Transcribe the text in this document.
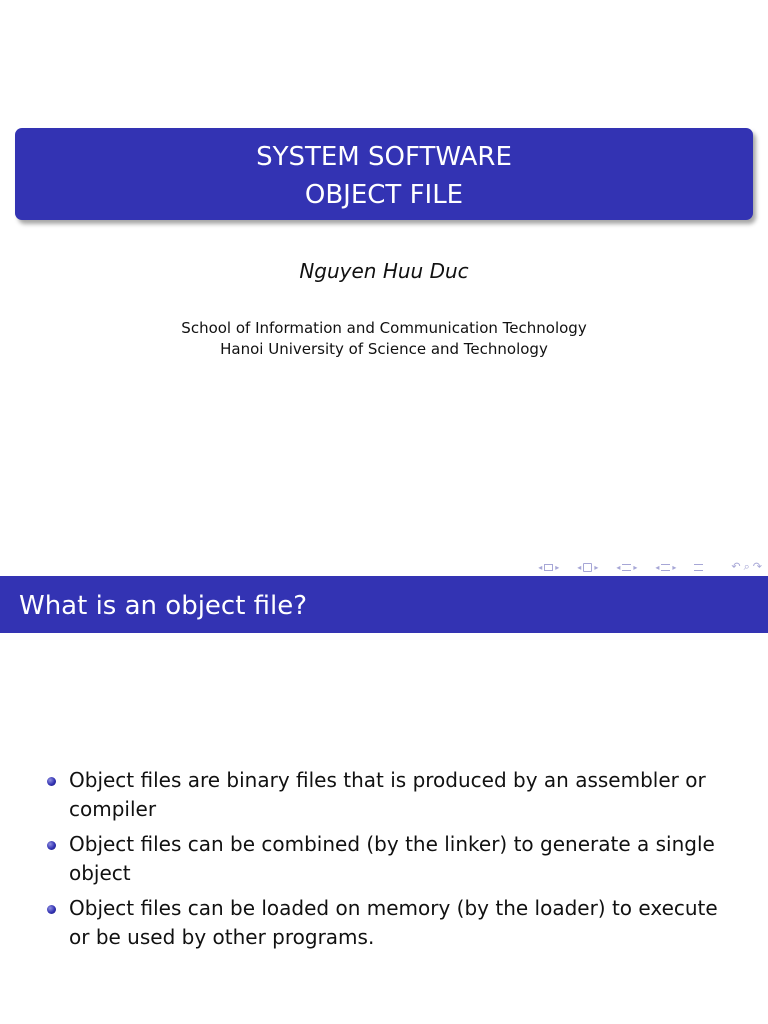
SYSTEM SOFTWARE
OBJECT FILE
Nguyen Huu Duc
School of Information and Communication Technology
Hanoi University of Science and Technology
◂ ▸ ◂ ▸ ◂ ▸ ◂ ▸	↶ ⌕ ↷
What is an object file?
Object files are binary files that is produced by an assembler or compiler
Object files can be combined (by the linker) to generate a single object
Object files can be loaded on memory (by the loader) to execute or be used by other programs.
